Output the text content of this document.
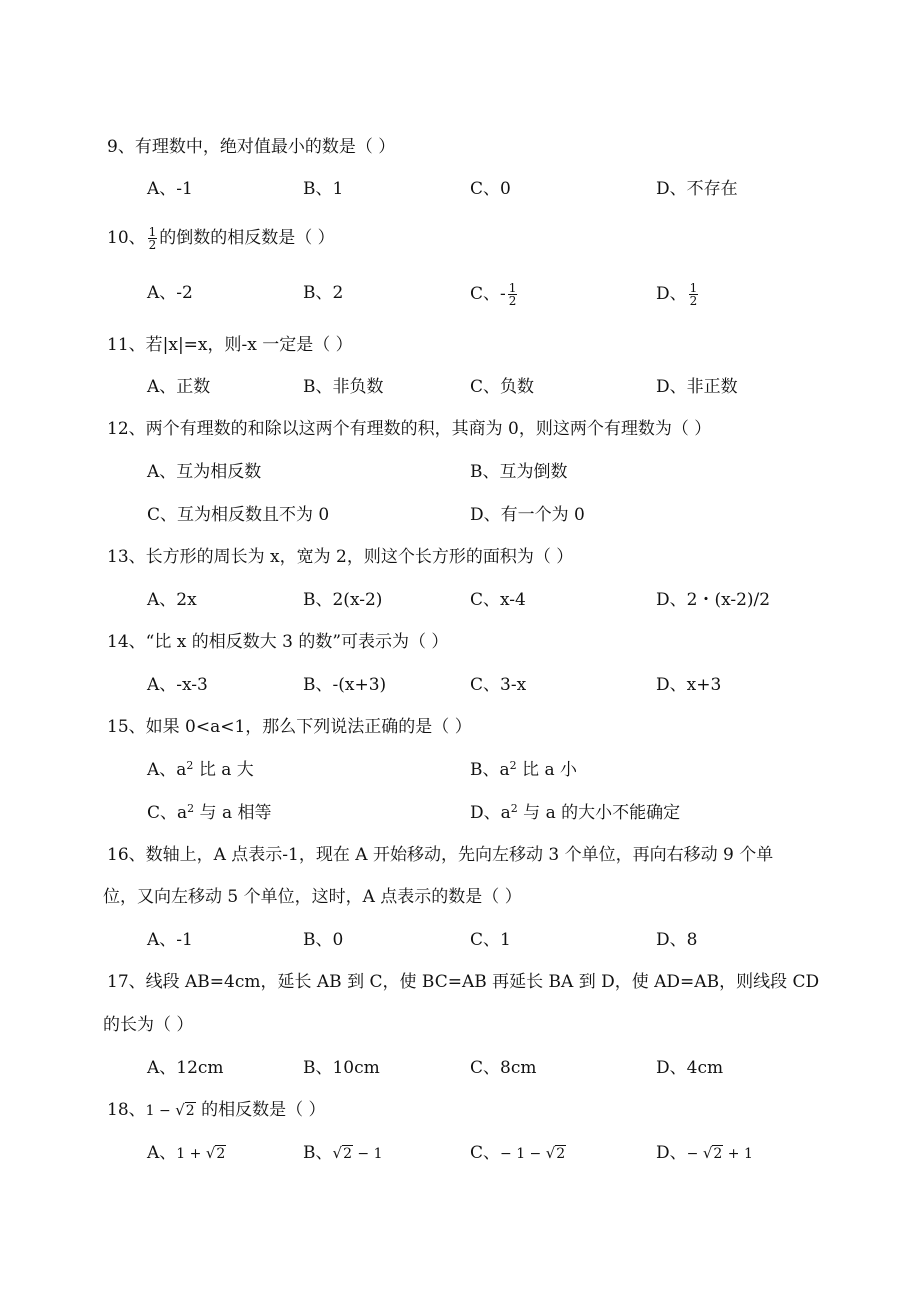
9、有理数中，绝对值最小的数是（ ）
A、-1	B、1	C、0	D、不存在
10、 $\frac{1}{2}$ 的倒数的相反数是（ ）
A、-2	B、2	C、- $\frac{1}{2}$	D、 $\frac{1}{2}$
11、若|x|=x，则-x 一定是（ ）
A、正数	B、非负数	C、负数	D、非正数
12、两个有理数的和除以这两个有理数的积，其商为 0，则这两个有理数为（ ）
A、互为相反数	B、互为倒数
C、互为相反数且不为 0	D、有一个为 0
13、长方形的周长为 x，宽为 2，则这个长方形的面积为（ ）
A、2x	B、2(x-2)	C、x-4	D、2・(x-2)/2
14、“比 x 的相反数大 3 的数”可表示为（ ）
A、-x-3	B、-(x+3)	C、3-x	D、x+3
15、如果 0<a<1，那么下列说法正确的是（ ）
A、$a^2$ 比 a 大	B、$a^2$ 比 a 小
C、$a^2$ 与 a 相等	D、$a^2$ 与 a 的大小不能确定
16、数轴上，A 点表示-1，现在 A 开始移动，先向左移动 3 个单位，再向右移动 9 个单
位，又向左移动 5 个单位，这时，A 点表示的数是（ ）
A、-1	B、0	C、1	D、8
17、线段 AB=4cm，延长 AB 到 C，使 BC=AB 再延长 BA 到 D，使 AD=AB，则线段 CD
的长为（ ）
A、12cm	B、10cm	C、8cm	D、4cm
18、1 − √2 的相反数是（ ）
A、1 + √2	B、√2 − 1	C、− 1 − √2	D、− √2 + 1
